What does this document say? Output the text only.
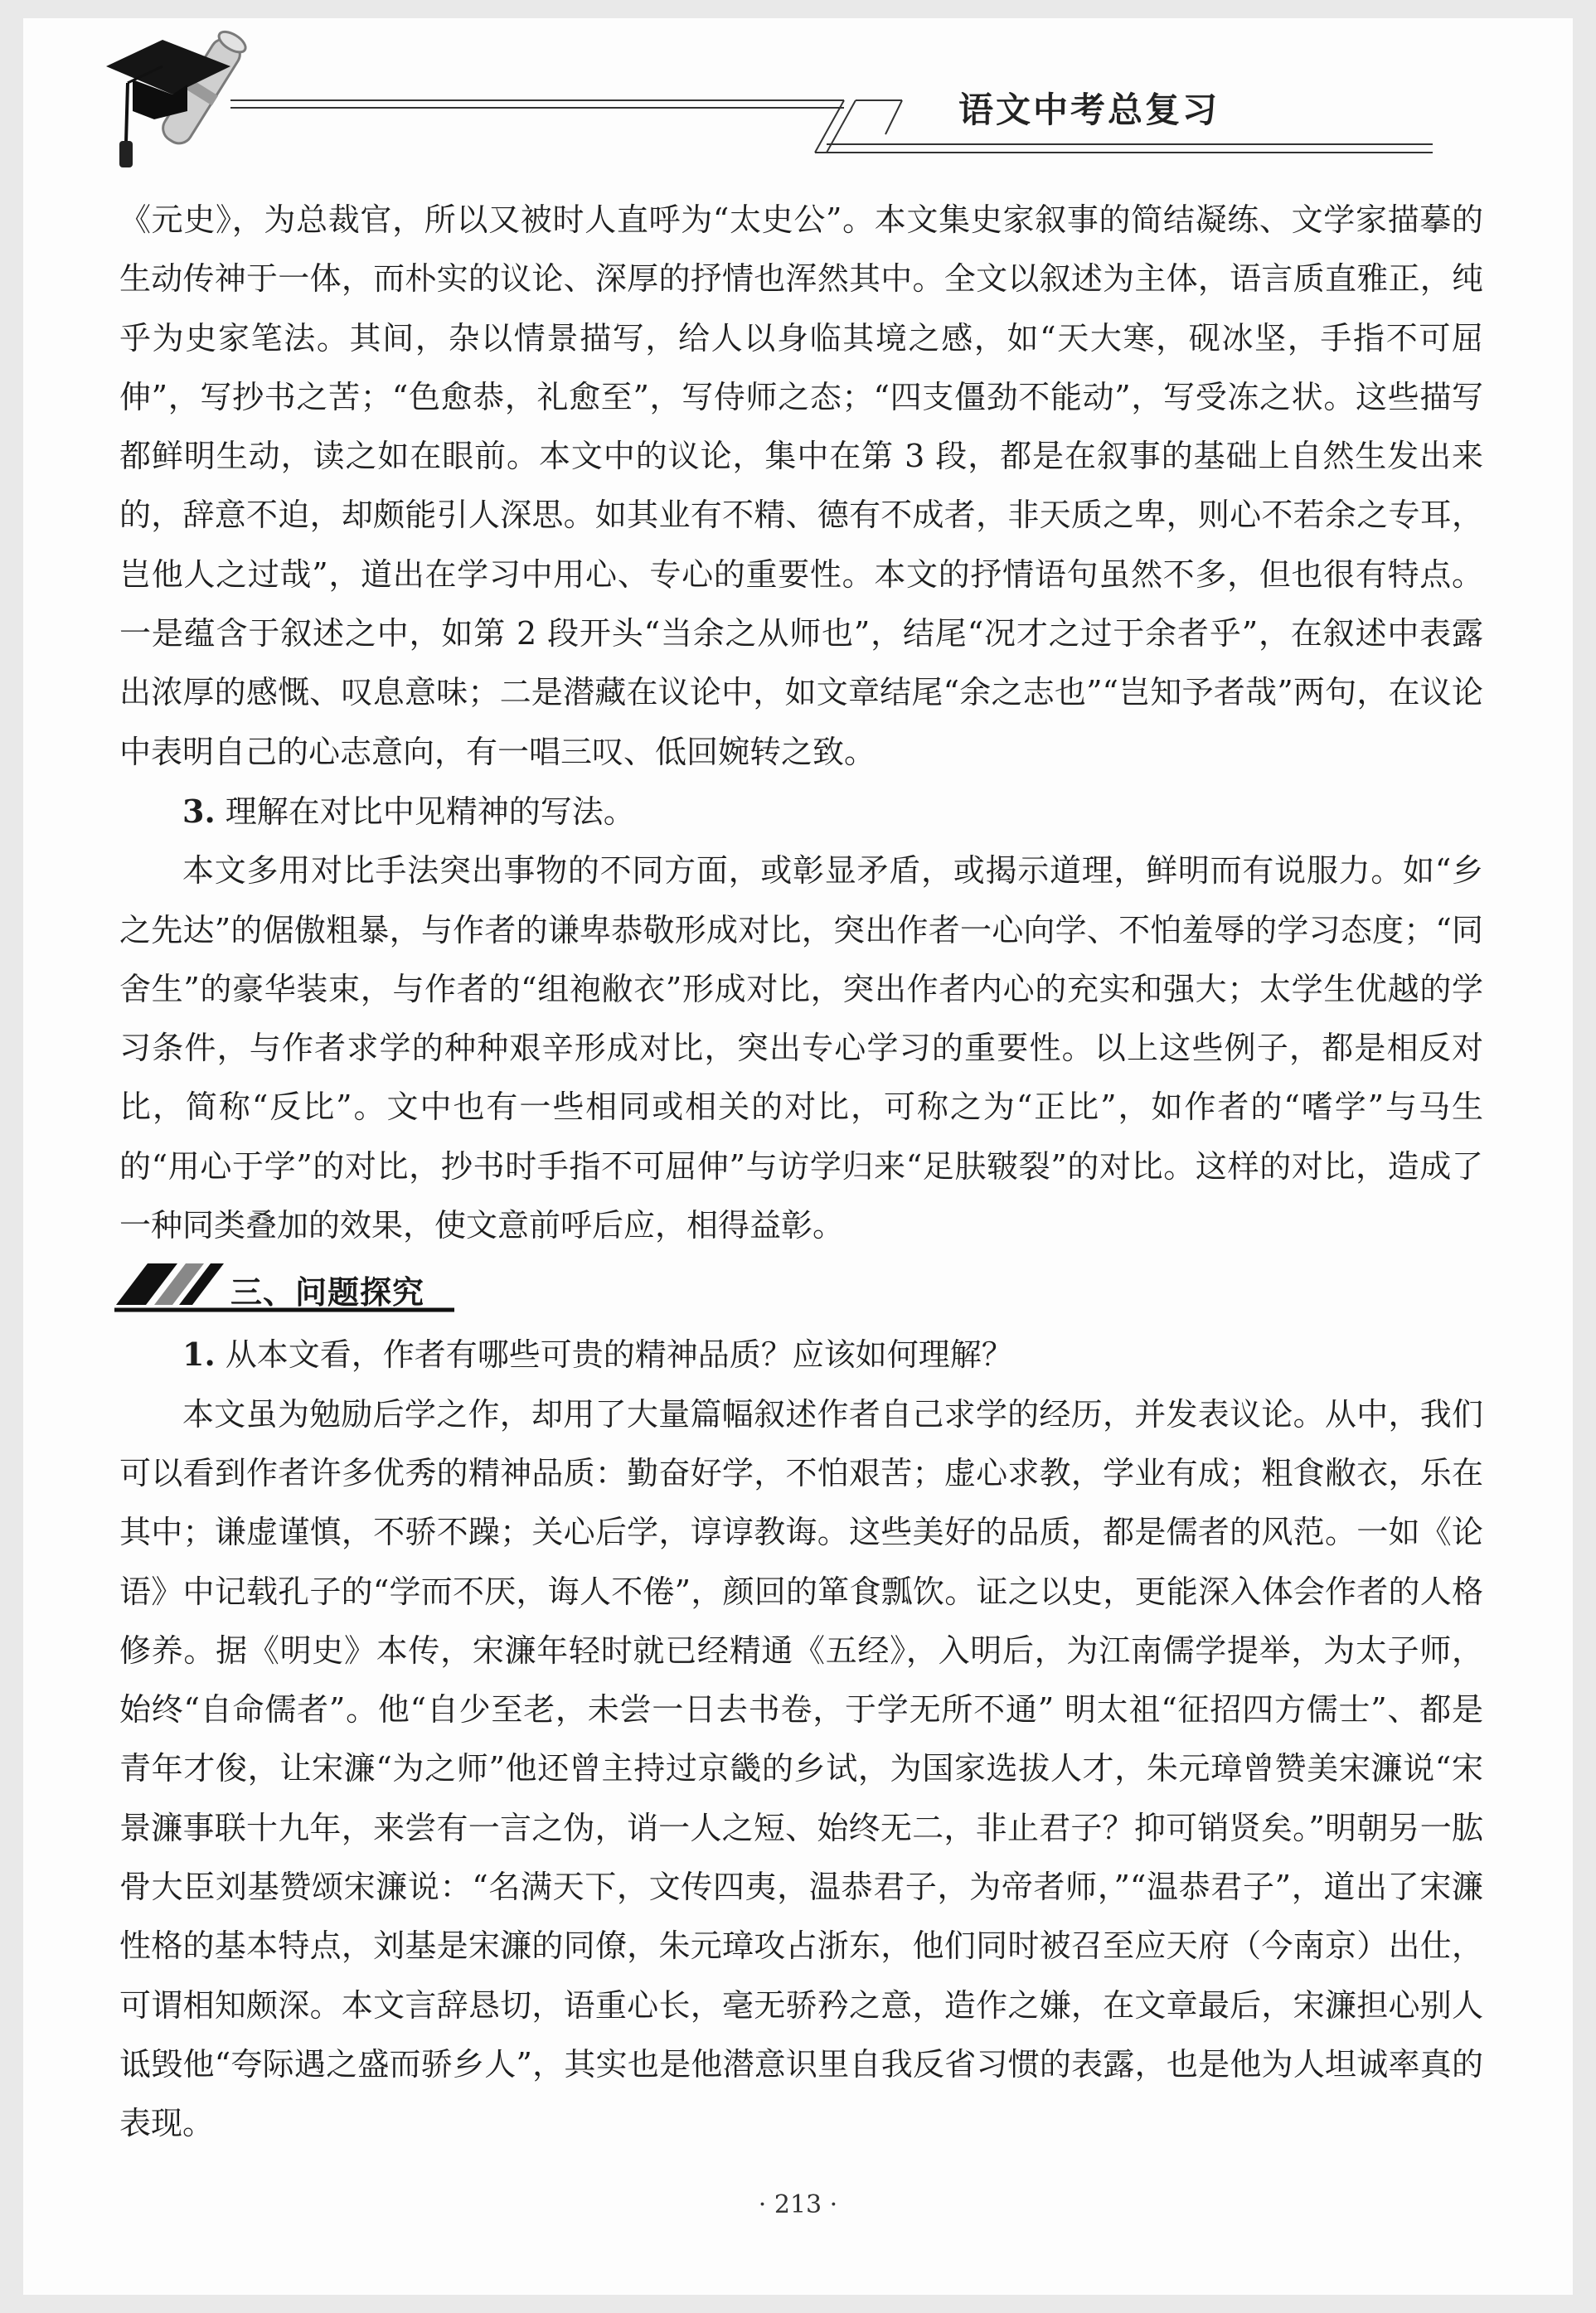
语文中考总复习

《元史》，为总裁官，所以又被时人直呼为“太史公”。本文集史家叙事的简结凝练、文学家描摹的生动传神于一体，而朴实的议论、深厚的抒情也浑然其中。全文以叙述为主体，语言质直雅正，纯乎为史家笔法。其间，杂以情景描写，给人以身临其境之感，如“天大寒，砚冰坚，手指不可屈伸”，写抄书之苦；“色愈恭，礼愈至”，写侍师之态；“四支僵劲不能动”，写受冻之状。这些描写都鲜明生动，读之如在眼前。本文中的议论，集中在第 3 段，都是在叙事的基础上自然生发出来的，辞意不迫，却颇能引人深思。如其业有不精、德有不成者，非天质之卑，则心不若余之专耳，岂他人之过哉”，道出在学习中用心、专心的重要性。本文的抒情语句虽然不多，但也很有特点。一是蕴含于叙述之中，如第 2 段开头“当余之从师也”，结尾“况才之过于余者乎”，在叙述中表露出浓厚的感慨、叹息意味；二是潜藏在议论中，如文章结尾“余之志也”“岂知予者哉”两句，在议论中表明自己的心志意向，有一唱三叹、低回婉转之致。

3. 理解在对比中见精神的写法。

本文多用对比手法突出事物的不同方面，或彰显矛盾，或揭示道理，鲜明而有说服力。如“乡之先达”的倨傲粗暴，与作者的谦卑恭敬形成对比，突出作者一心向学、不怕羞辱的学习态度；“同舍生”的豪华装束，与作者的“组袍敝衣”形成对比，突出作者内心的充实和强大；太学生优越的学习条件，与作者求学的种种艰辛形成对比，突出专心学习的重要性。以上这些例子，都是相反对比，简称“反比”。文中也有一些相同或相关的对比，可称之为“正比”，如作者的“嗜学”与马生的“用心于学”的对比，抄书时手指不可屈伸”与访学归来“足肤皲裂”的对比。这样的对比，造成了一种同类叠加的效果，使文意前呼后应，相得益彰。

三、问题探究

1. 从本文看，作者有哪些可贵的精神品质？应该如何理解？

本文虽为勉励后学之作，却用了大量篇幅叙述作者自己求学的经历，并发表议论。从中，我们可以看到作者许多优秀的精神品质：勤奋好学，不怕艰苦；虚心求教，学业有成；粗食敝衣，乐在其中；谦虚谨慎，不骄不躁；关心后学，谆谆教诲。这些美好的品质，都是儒者的风范。一如《论语》中记载孔子的“学而不厌，诲人不倦”，颜回的箪食瓢饮。证之以史，更能深入体会作者的人格修养。据《明史》本传，宋濂年轻时就已经精通《五经》，入明后，为江南儒学提举，为太子师，始终“自命儒者”。他“自少至老，未尝一日去书卷，于学无所不通” 明太祖“征招四方儒士”、都是青年才俊，让宋濂“为之师”他还曾主持过京畿的乡试，为国家选拔人才，朱元璋曾赞美宋濂说“宋景濂事联十九年，来尝有一言之伪，诮一人之短、始终无二，非止君子？抑可销贤矣。”明朝另一肱骨大臣刘基赞颂宋濂说：“名满天下，文传四夷，温恭君子，为帝者师，”“温恭君子”，道出了宋濂性格的基本特点，刘基是宋濂的同僚，朱元璋攻占浙东，他们同时被召至应天府（今南京）出仕，可谓相知颇深。本文言辞恳切，语重心长，毫无骄矜之意，造作之嫌，在文章最后，宋濂担心别人诋毁他“夸际遇之盛而骄乡人”，其实也是他潜意识里自我反省习惯的表露，也是他为人坦诚率真的表现。

· 213 ·
